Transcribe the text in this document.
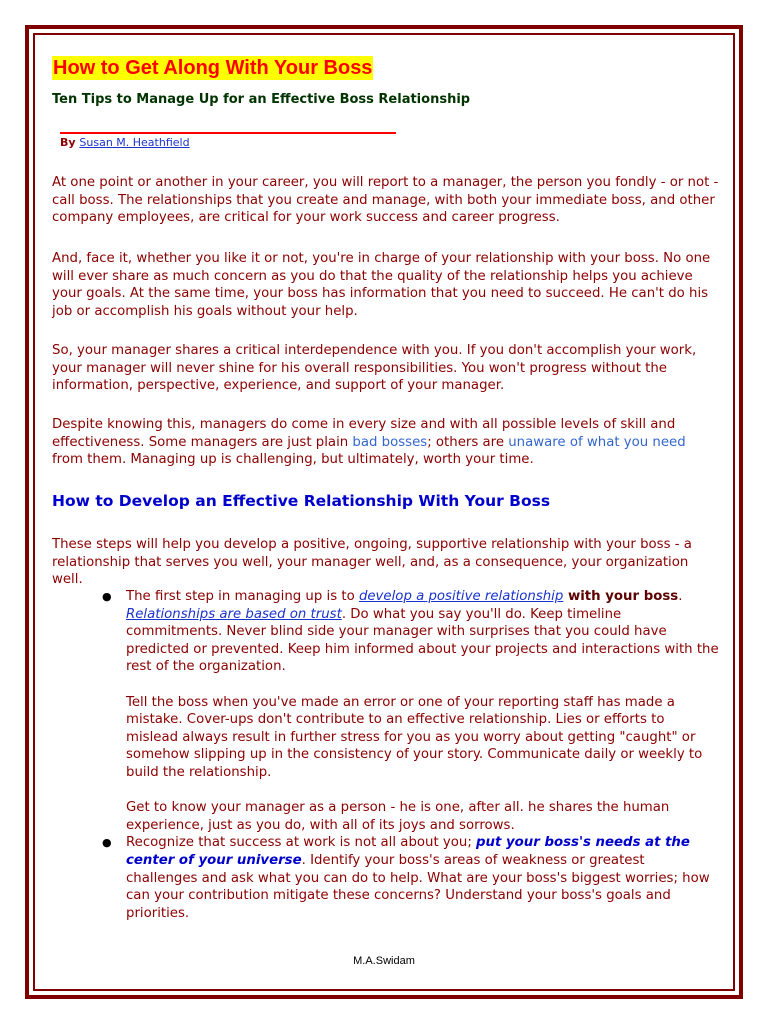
How to Get Along With Your Boss
Ten Tips to Manage Up for an Effective Boss Relationship
By Susan M. Heathfield

At one point or another in your career, you will report to a manager, the person you fondly - or not - call boss. The relationships that you create and manage, with both your immediate boss, and other company employees, are critical for your work success and career progress.

And, face it, whether you like it or not, you're in charge of your relationship with your boss. No one will ever share as much concern as you do that the quality of the relationship helps you achieve your goals. At the same time, your boss has information that you need to succeed. He can't do his job or accomplish his goals without your help.

So, your manager shares a critical interdependence with you. If you don't accomplish your work, your manager will never shine for his overall responsibilities. You won't progress without the information, perspective, experience, and support of your manager.

Despite knowing this, managers do come in every size and with all possible levels of skill and effectiveness. Some managers are just plain bad bosses; others are unaware of what you need from them. Managing up is challenging, but ultimately, worth your time.

How to Develop an Effective Relationship With Your Boss

These steps will help you develop a positive, ongoing, supportive relationship with your boss - a relationship that serves you well, your manager well, and, as a consequence, your organization well.

● The first step in managing up is to develop a positive relationship with your boss. Relationships are based on trust. Do what you say you'll do. Keep timeline commitments. Never blind side your manager with surprises that you could have predicted or prevented. Keep him informed about your projects and interactions with the rest of the organization.
Tell the boss when you've made an error or one of your reporting staff has made a mistake. Cover-ups don't contribute to an effective relationship. Lies or efforts to mislead always result in further stress for you as you worry about getting "caught" or somehow slipping up in the consistency of your story. Communicate daily or weekly to build the relationship.
Get to know your manager as a person - he is one, after all. he shares the human experience, just as you do, with all of its joys and sorrows.
● Recognize that success at work is not all about you; put your boss's needs at the center of your universe. Identify your boss's areas of weakness or greatest challenges and ask what you can do to help. What are your boss's biggest worries; how can your contribution mitigate these concerns? Understand your boss's goals and priorities.
M.A.Swidam
